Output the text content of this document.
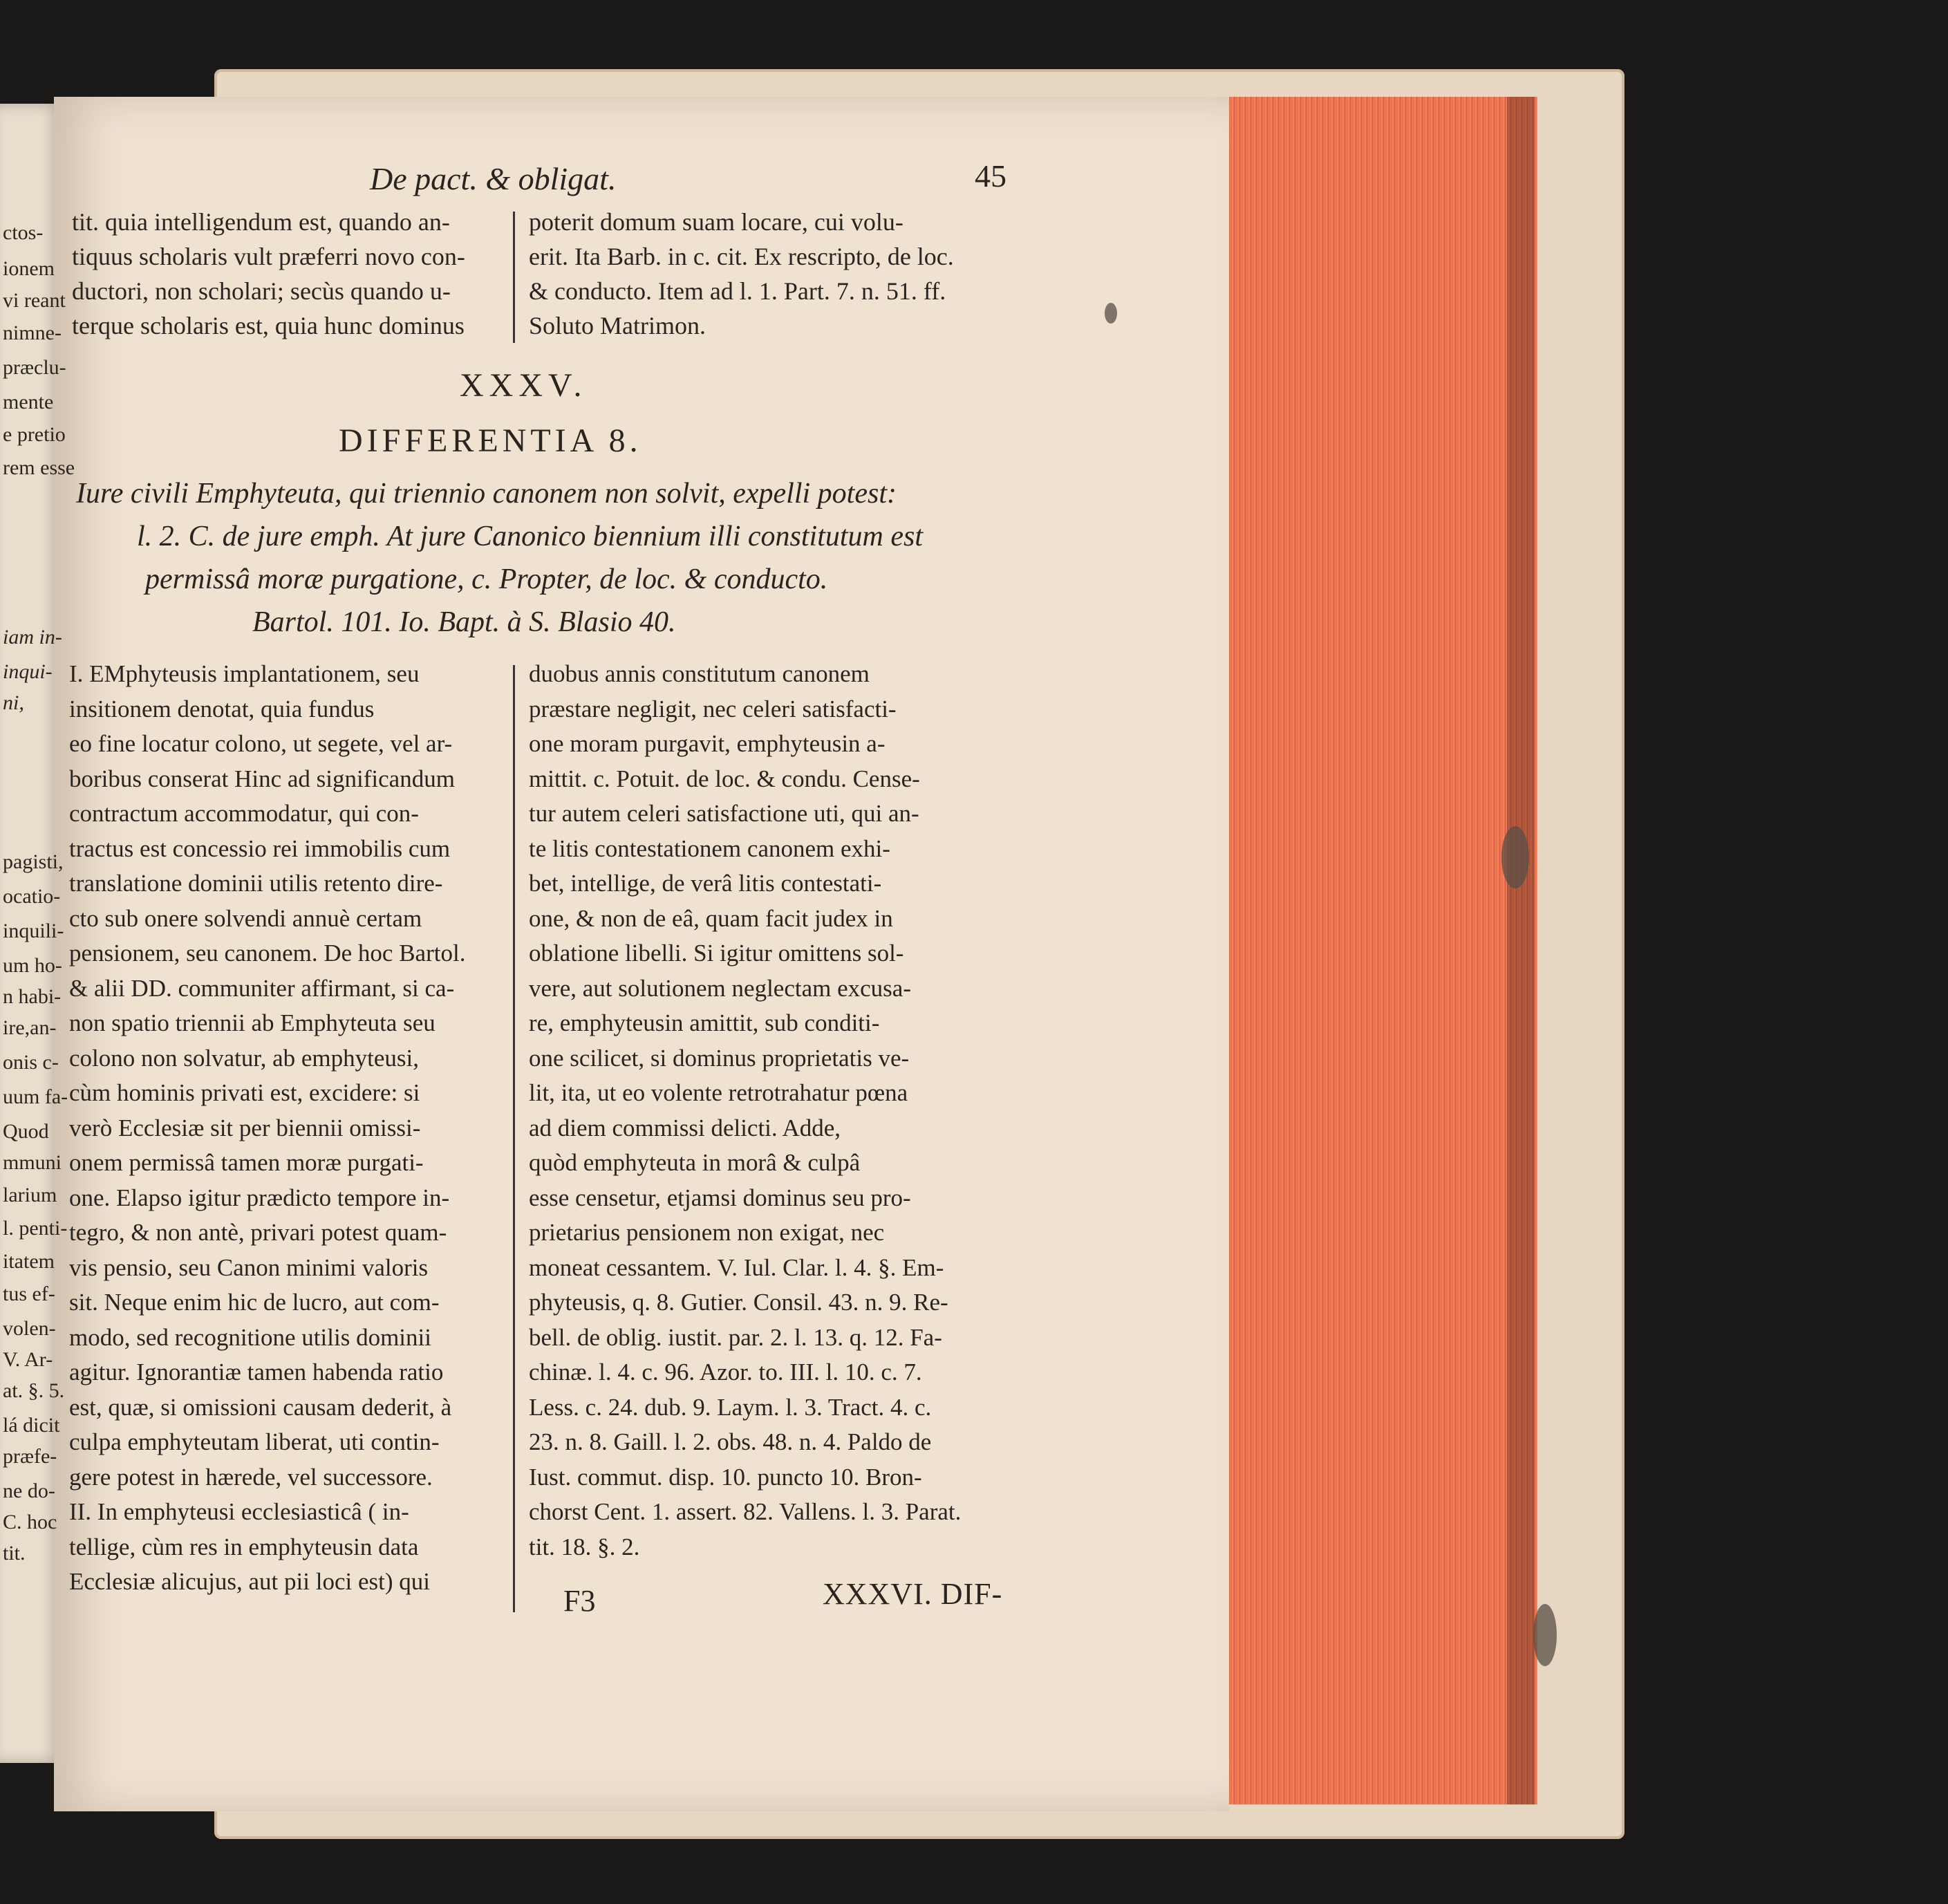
ctos-
ionem
vi reant
nimne-
præclu-
mente
e pretio
rem esse
iam in-
inqui-
ni,
pagisti,
ocatio-
inquili-
um ho-
n habi-
ire,an-
onis c-
uum fa-
Quod
mmuni
larium
l. penti-
itatem
tus ef-
volen-
V. Ar-
at. §. 5.
lá dicit
præfe-
ne do-
C. hoc
tit.
De pact. & obligat.	45
tit. quia intelligendum est, quando an-
tiquus scholaris vult præferri novo con-
ductori, non scholari; secùs quando u-
terque scholaris est, quia hunc dominus
poterit domum suam locare, cui volu-
erit. Ita Barb. in c. cit. Ex rescripto, de loc.
& conducto. Item ad l. 1. Part. 7. n. 51. ff.
Soluto Matrimon.
XXXV.
DIFFERENTIA 8.
Iure civili Emphyteuta, qui triennio canonem non solvit, expelli potest:
l. 2. C. de jure emph. At jure Canonico biennium illi constitutum est
permissâ moræ purgatione, c. Propter, de loc. & conducto.
Bartol. 101. Io. Bapt. à S. Blasio 40.
I. EMphyteusis implantationem, seu
insitionem denotat, quia fundus
eo fine locatur colono, ut segete, vel ar-
boribus conserat Hinc ad significandum
contractum accommodatur, qui con-
tractus est concessio rei immobilis cum
translatione dominii utilis retento dire-
cto sub onere solvendi annuè certam
pensionem, seu canonem. De hoc Bartol.
& alii DD. communiter affirmant, si ca-
non spatio triennii ab Emphyteuta seu
colono non solvatur, ab emphyteusi,
cùm hominis privati est, excidere: si
verò Ecclesiæ sit per biennii omissi-
onem permissâ tamen moræ purgati-
one. Elapso igitur prædicto tempore in-
tegro, & non antè, privari potest quam-
vis pensio, seu Canon minimi valoris
sit. Neque enim hic de lucro, aut com-
modo, sed recognitione utilis dominii
agitur. Ignorantiæ tamen habenda ratio
est, quæ, si omissioni causam dederit, à
culpa emphyteutam liberat, uti contin-
gere potest in hærede, vel successore.
II. In emphyteusi ecclesiasticâ ( in-
tellige, cùm res in emphyteusin data
Ecclesiæ alicujus, aut pii loci est) qui
duobus annis constitutum canonem
præstare negligit, nec celeri satisfacti-
one moram purgavit, emphyteusin a-
mittit. c. Potuit. de loc. & condu. Cense-
tur autem celeri satisfactione uti, qui an-
te litis contestationem canonem exhi-
bet, intellige, de verâ litis contestati-
one, & non de eâ, quam facit judex in
oblatione libelli. Si igitur omittens sol-
vere, aut solutionem neglectam excusa-
re, emphyteusin amittit, sub conditi-
one scilicet, si dominus proprietatis ve-
lit, ita, ut eo volente retrotrahatur pœna
ad diem commissi delicti. Adde,
quòd emphyteuta in morâ & culpâ
esse censetur, etjamsi dominus seu pro-
prietarius pensionem non exigat, nec
moneat cessantem. V. Iul. Clar. l. 4. §. Em-
phyteusis, q. 8. Gutier. Consil. 43. n. 9. Re-
bell. de oblig. iustit. par. 2. l. 13. q. 12. Fa-
chinæ. l. 4. c. 96. Azor. to. III. l. 10. c. 7.
Less. c. 24. dub. 9. Laym. l. 3. Tract. 4. c.
23. n. 8. Gaill. l. 2. obs. 48. n. 4. Paldo de
Iust. commut. disp. 10. puncto 10. Bron-
chorst Cent. 1. assert. 82. Vallens. l. 3. Parat.
tit. 18. §. 2.
F3	XXXVI. DIF-
